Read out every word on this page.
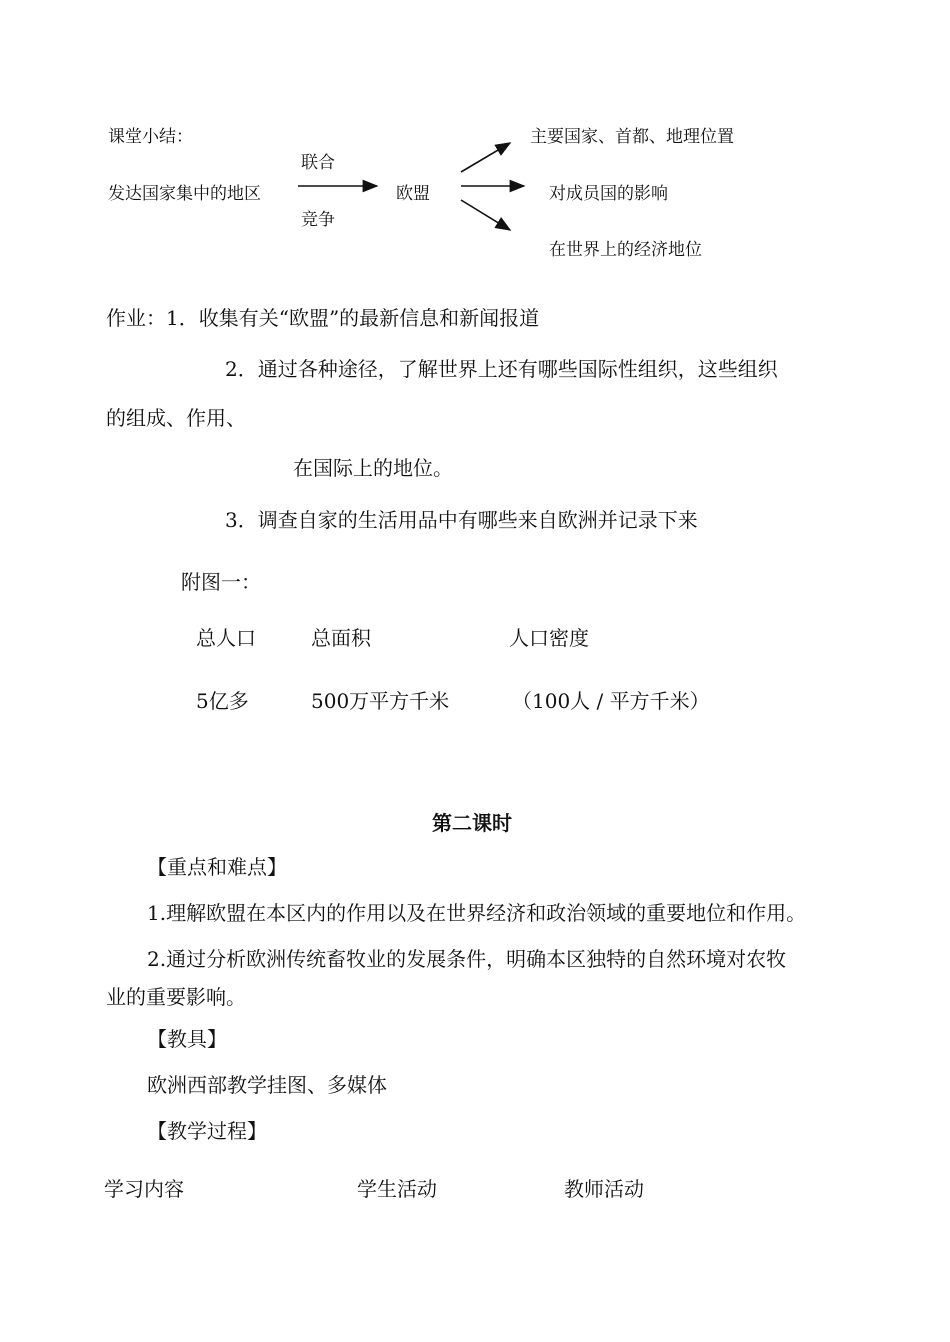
课堂小结：
发达国家集中的地区
联合
竞争
欧盟
主要国家、首都、地理位置
对成员国的影响
在世界上的经济地位
作业：1．收集有关“欧盟”的最新信息和新闻报道
2．通过各种途径，了解世界上还有哪些国际性组织，这些组织
的组成、作用、
在国际上的地位。
3．调查自家的生活用品中有哪些来自欧洲并记录下来
附图一：
总人口	总面积	人口密度
5亿多	500万平方千米	（100人 / 平方千米）
第二课时
【重点和难点】
1.理解欧盟在本区内的作用以及在世界经济和政治领域的重要地位和作用。
2.通过分析欧洲传统畜牧业的发展条件，明确本区独特的自然环境对农牧
业的重要影响。
【教具】
欧洲西部教学挂图、多媒体
【教学过程】
学习内容	学生活动	教师活动
